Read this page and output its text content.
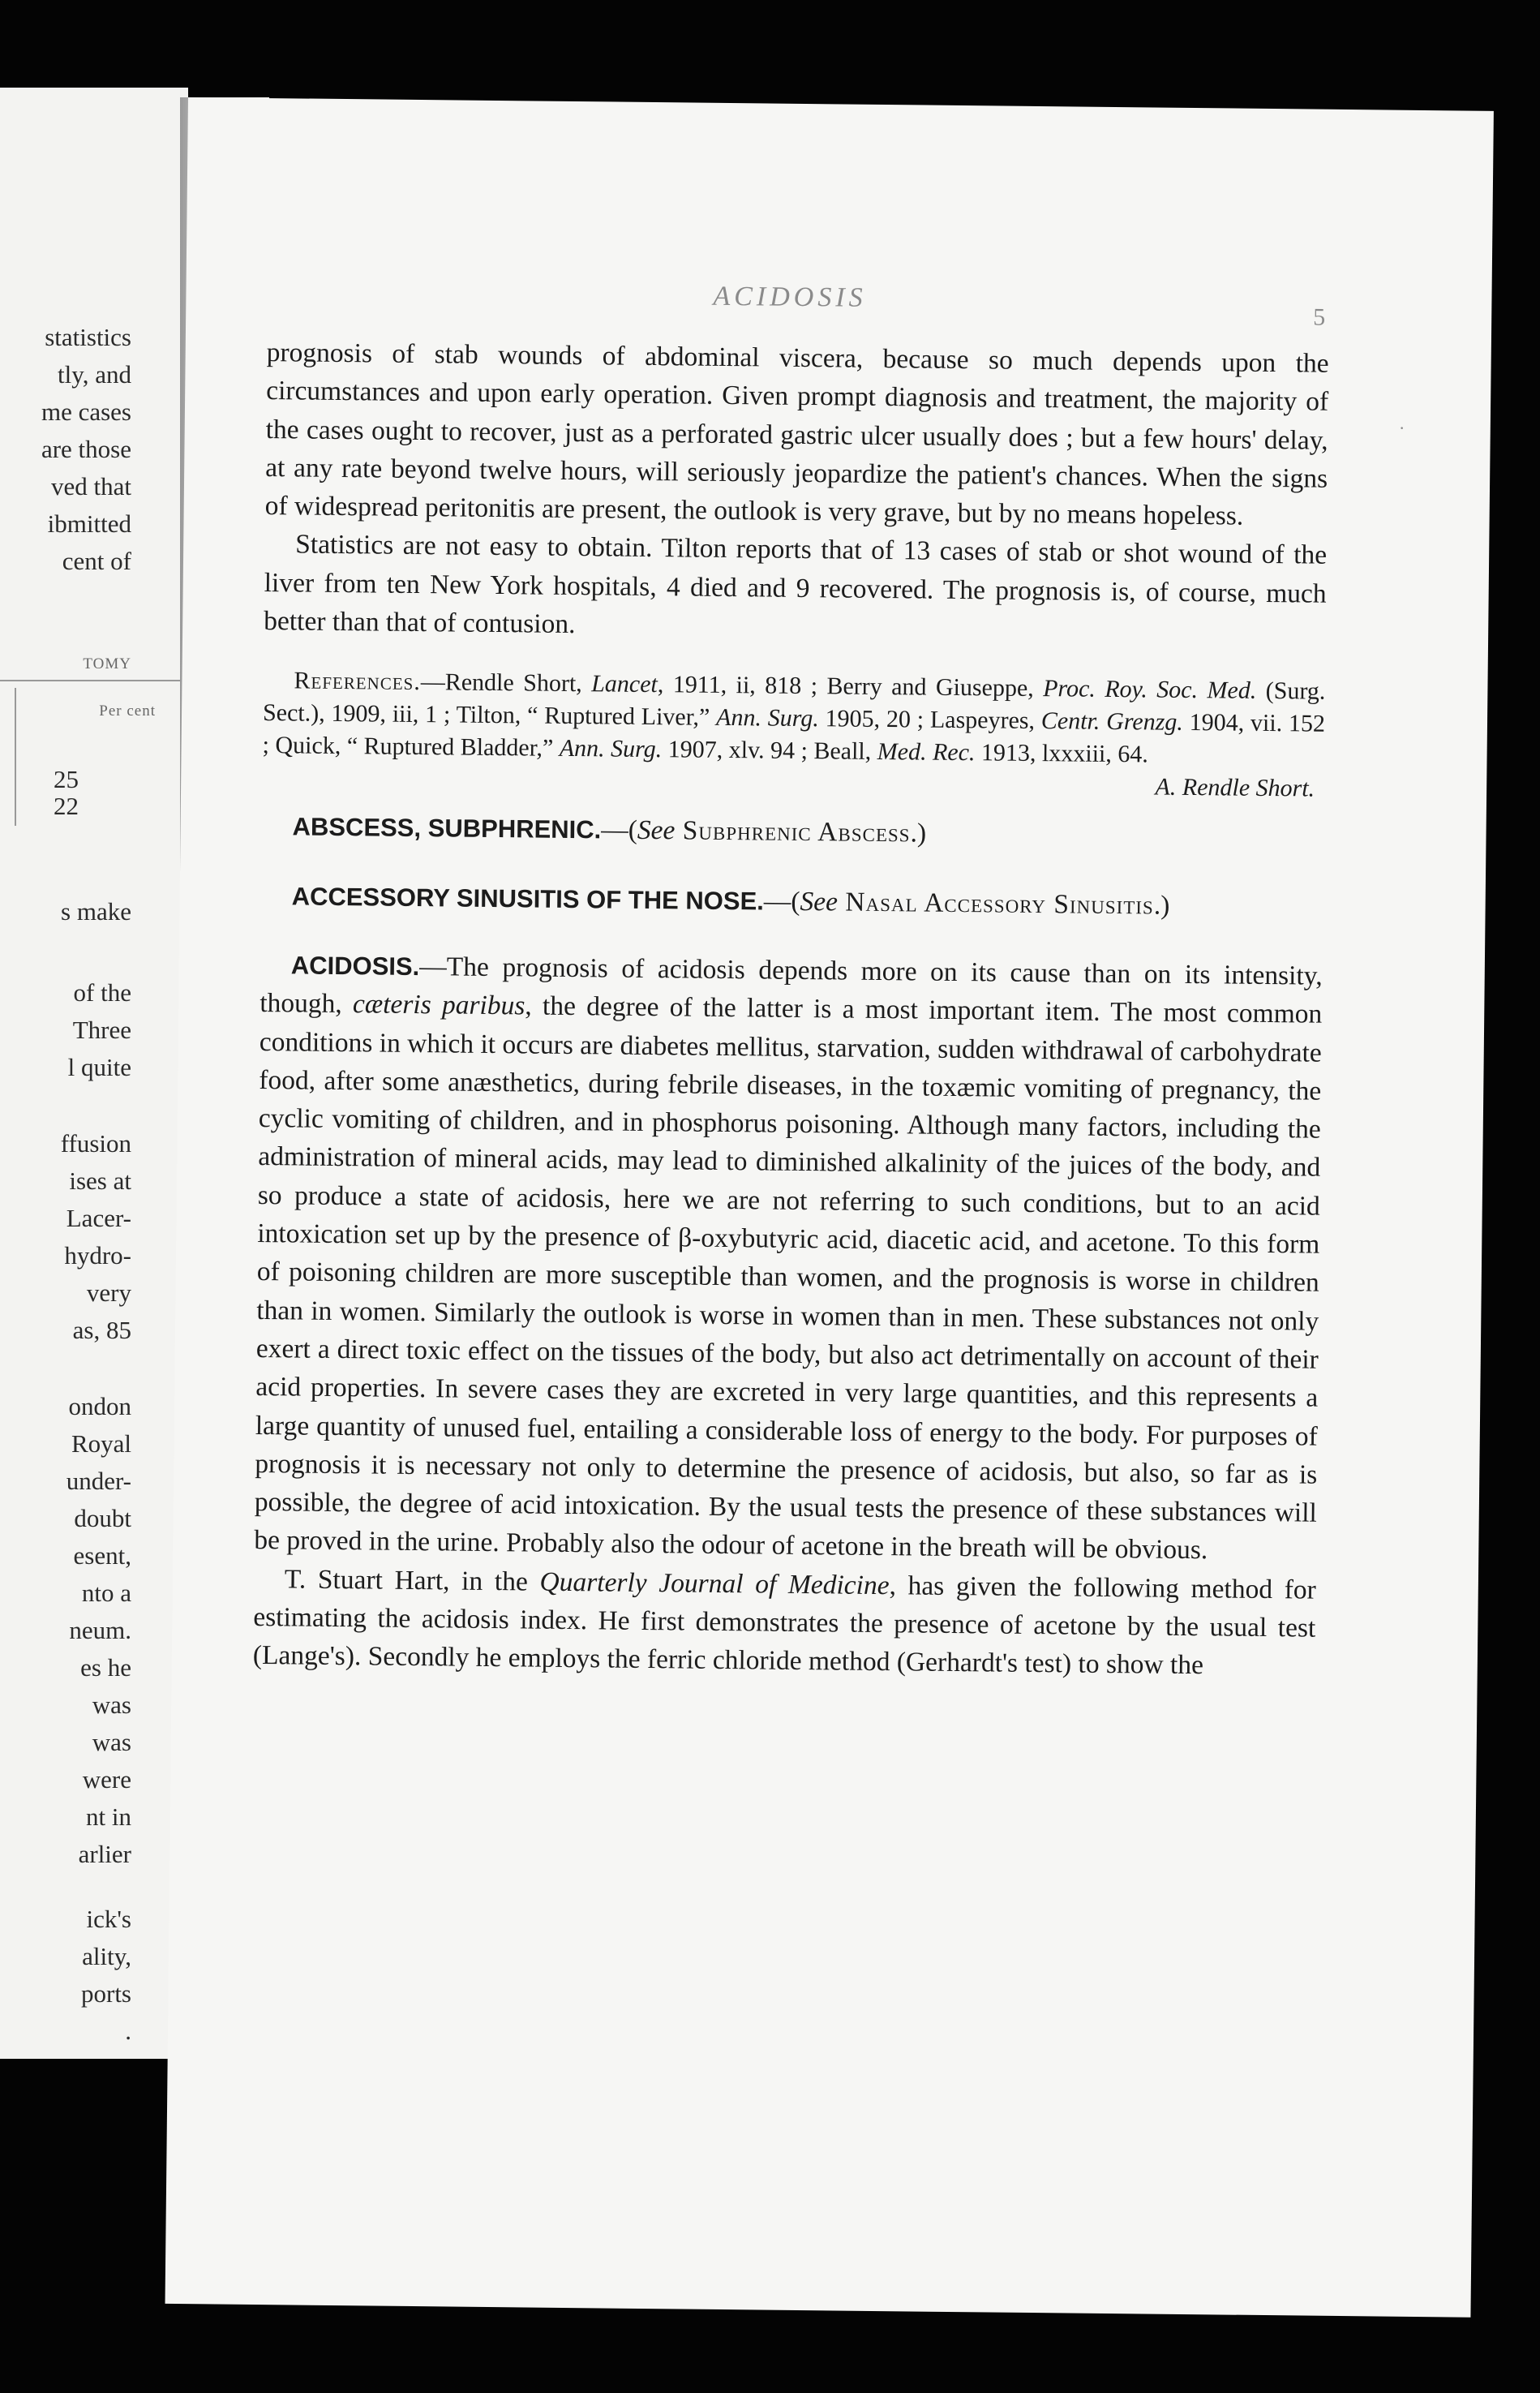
statistics
tly, and
me cases
are those
ved that
ibmitted
cent of
TOMY
Per cent
25
22
s make
of the
Three
l quite
ffusion
ises at
Lacer-
hydro-
very
as, 85
ondon
Royal
under-
doubt
esent,
nto a
neum.
es he
was
was
were
nt in
arlier
ick's
ality,
ports
.
ACIDOSIS
5

prognosis of stab wounds of abdominal viscera, because so much depends upon the circumstances and upon early operation. Given prompt diagnosis and treatment, the majority of the cases ought to recover, just as a perforated gastric ulcer usually does ; but a few hours' delay, at any rate beyond twelve hours, will seriously jeopardize the patient's chances. When the signs of widespread peritonitis are present, the outlook is very grave, but by no means hopeless.

Statistics are not easy to obtain. Tilton reports that of 13 cases of stab or shot wound of the liver from ten New York hospitals, 4 died and 9 recovered. The prognosis is, of course, much better than that of contusion.

References.—Rendle Short, Lancet, 1911, ii, 818 ; Berry and Giuseppe, Proc. Roy. Soc. Med. (Surg. Sect.), 1909, iii, 1 ; Tilton, “ Ruptured Liver,” Ann. Surg. 1905, 20 ; Laspeyres, Centr. Grenzg. 1904, vii. 152 ; Quick, “ Ruptured Bladder,” Ann. Surg. 1907, xlv. 94 ; Beall, Med. Rec. 1913, lxxxiii, 64.

A. Rendle Short.

ABSCESS, SUBPHRENIC.—(See Subphrenic Abscess.)

ACCESSORY SINUSITIS OF THE NOSE.—(See Nasal Accessory Sinusitis.)

ACIDOSIS.—The prognosis of acidosis depends more on its cause than on its intensity, though, cæteris paribus, the degree of the latter is a most important item. The most common conditions in which it occurs are diabetes mellitus, starvation, sudden withdrawal of carbohydrate food, after some anæsthetics, during febrile diseases, in the toxæmic vomiting of pregnancy, the cyclic vomiting of children, and in phosphorus poisoning. Although many factors, including the administration of mineral acids, may lead to diminished alkalinity of the juices of the body, and so produce a state of acidosis, here we are not referring to such conditions, but to an acid intoxication set up by the presence of β-oxybutyric acid, diacetic acid, and acetone. To this form of poisoning children are more susceptible than women, and the prognosis is worse in children than in women. Similarly the outlook is worse in women than in men. These substances not only exert a direct toxic effect on the tissues of the body, but also act detrimentally on account of their acid properties. In severe cases they are excreted in very large quantities, and this represents a large quantity of unused fuel, entailing a considerable loss of energy to the body. For purposes of prognosis it is necessary not only to determine the presence of acidosis, but also, so far as is possible, the degree of acid intoxication. By the usual tests the presence of these substances will be proved in the urine. Probably also the odour of acetone in the breath will be obvious.

T. Stuart Hart, in the Quarterly Journal of Medicine, has given the following method for estimating the acidosis index. He first demonstrates the presence of acetone by the usual test (Lange's). Secondly he employs the ferric chloride method (Gerhardt's test) to show the

·
